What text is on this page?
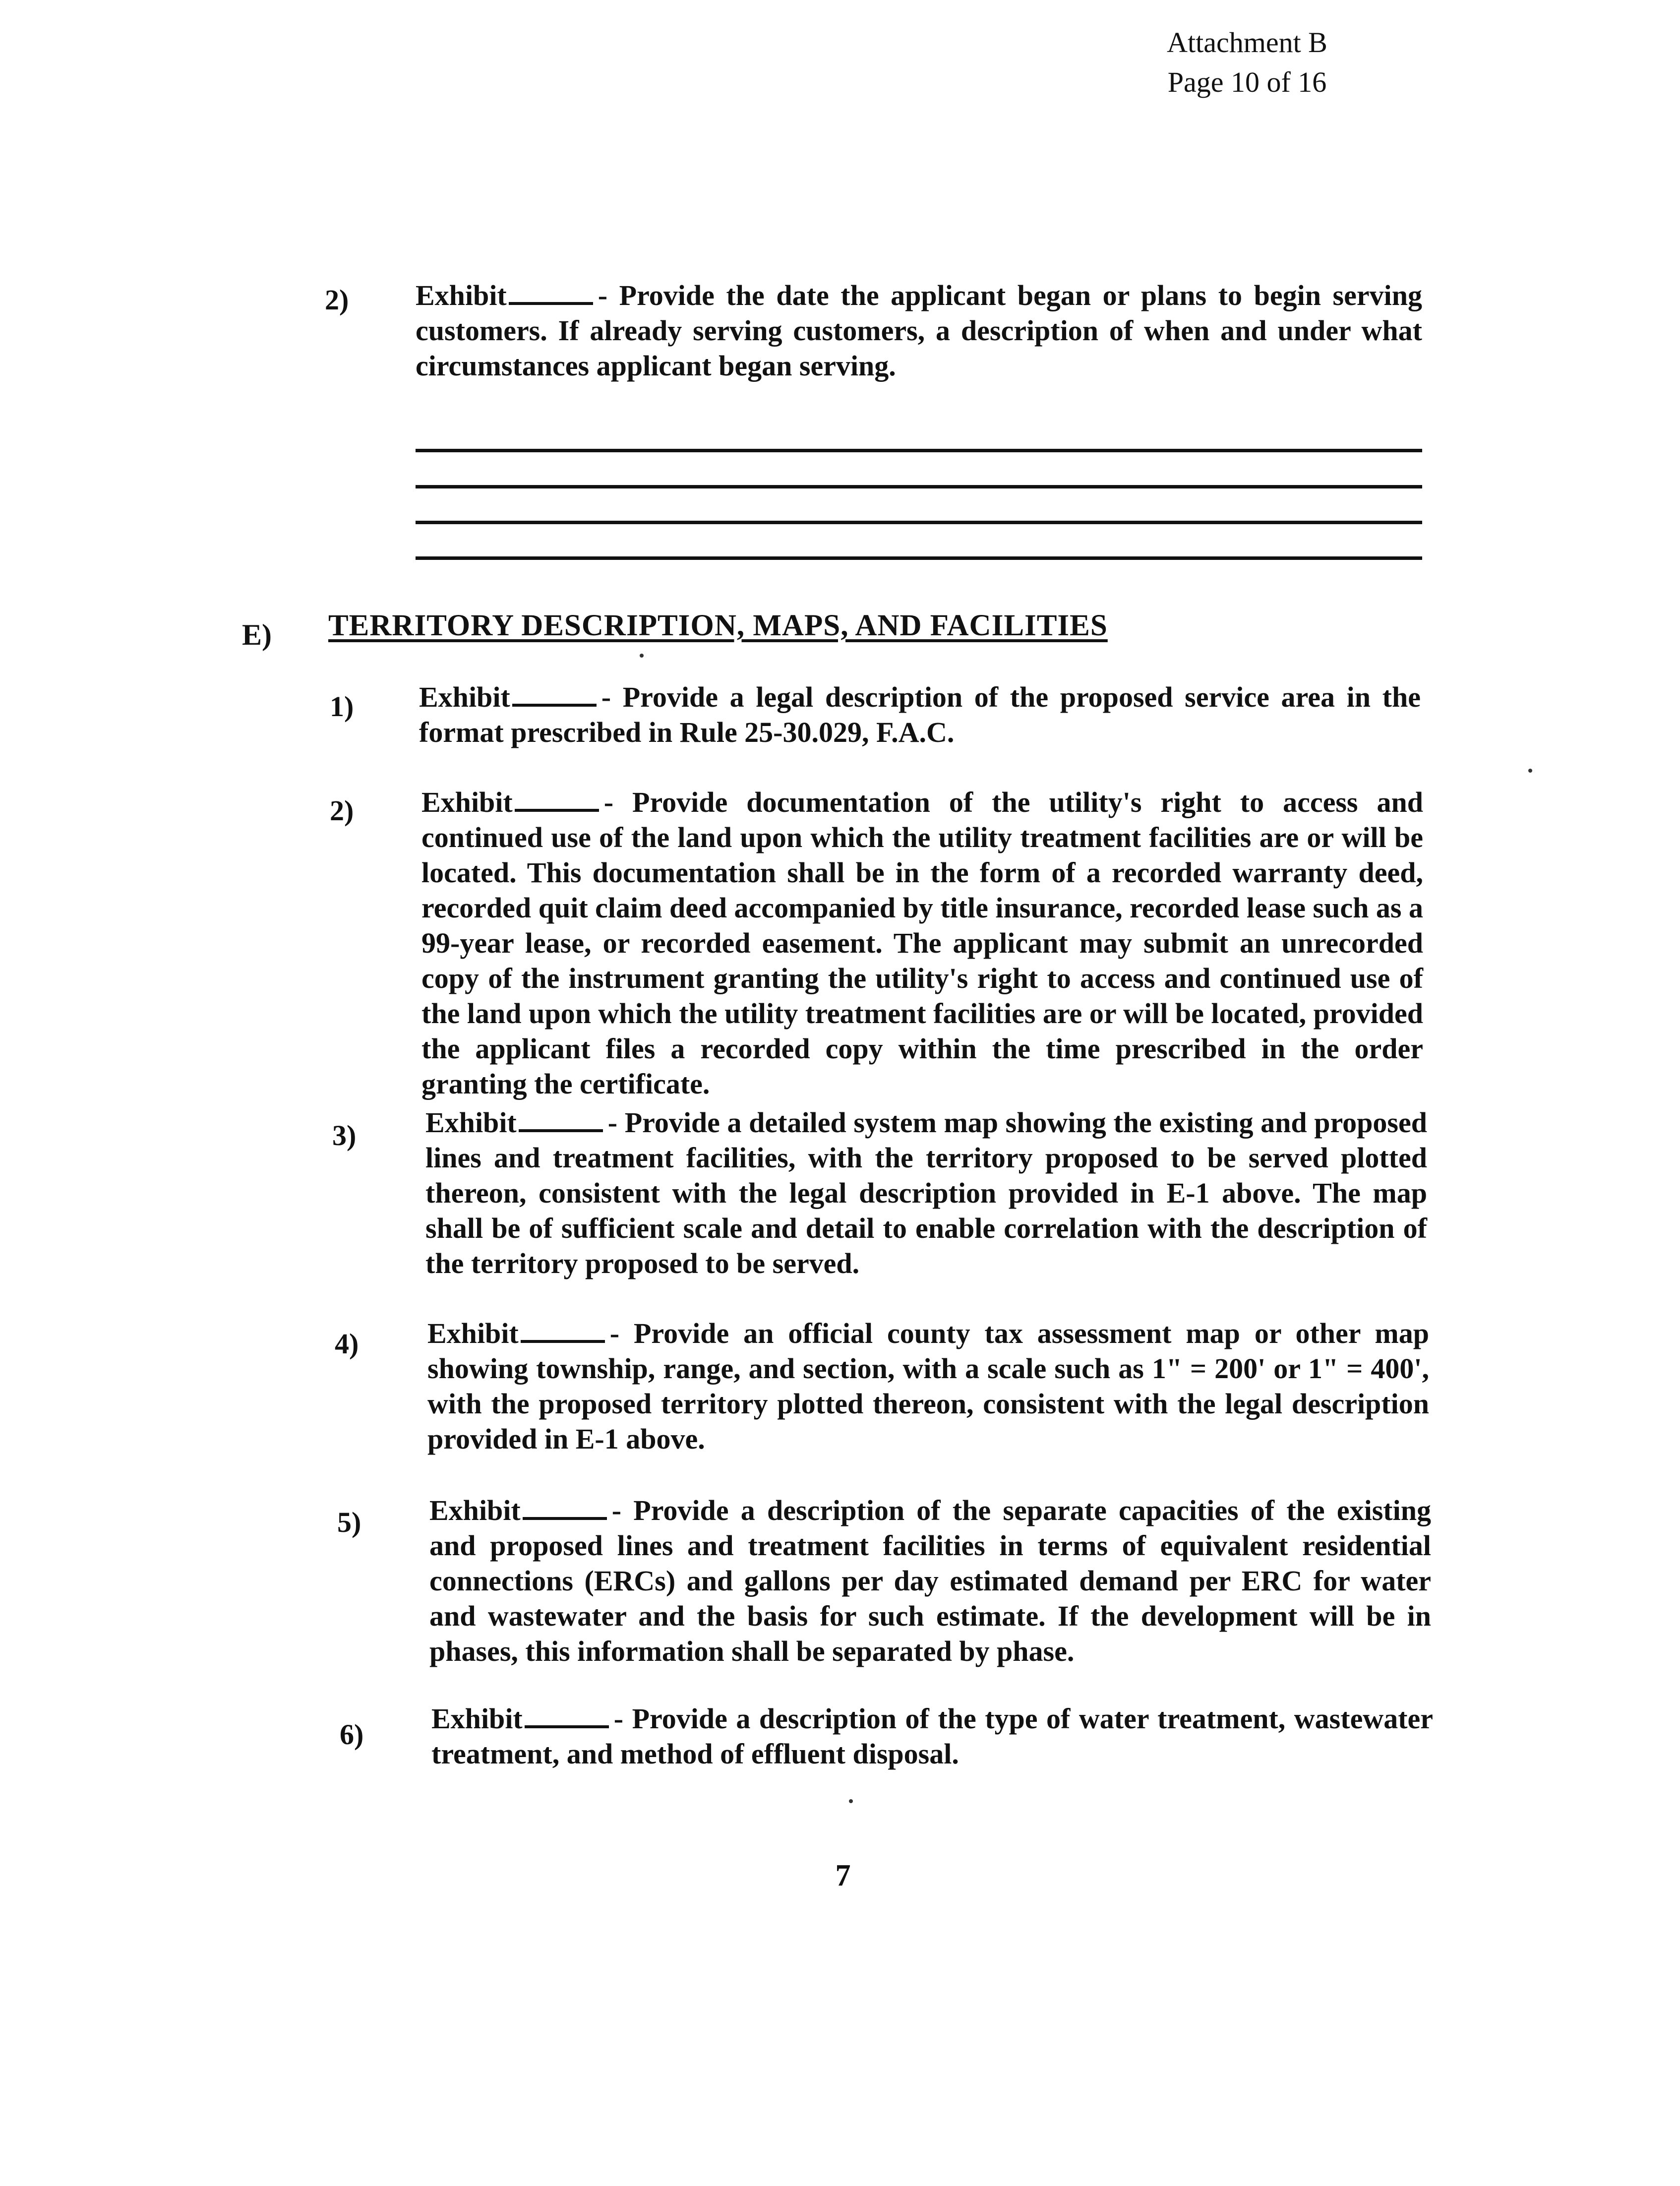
Attachment B
Page 10 of 16
2) Exhibit	- Provide the date the applicant began or plans to begin serving customers. If already serving customers, a description of when and under what circumstances applicant began serving.
E) TERRITORY DESCRIPTION, MAPS, AND FACILITIES
1) Exhibit	- Provide a legal description of the proposed service area in the format prescribed in Rule 25-30.029, F.A.C.
2) Exhibit	- Provide documentation of the utility's right to access and continued use of the land upon which the utility treatment facilities are or will be located. This documentation shall be in the form of a recorded warranty deed, recorded quit claim deed accompanied by title insurance, recorded lease such as a 99-year lease, or recorded easement. The applicant may submit an unrecorded copy of the instrument granting the utility's right to access and continued use of the land upon which the utility treatment facilities are or will be located, provided the applicant files a recorded copy within the time prescribed in the order granting the certificate.
3) Exhibit	- Provide a detailed system map showing the existing and proposed lines and treatment facilities, with the territory proposed to be served plotted thereon, consistent with the legal description provided in E-1 above. The map shall be of sufficient scale and detail to enable correlation with the description of the territory proposed to be served.
4) Exhibit	- Provide an official county tax assessment map or other map showing township, range, and section, with a scale such as 1" = 200' or 1" = 400', with the proposed territory plotted thereon, consistent with the legal description provided in E-1 above.
5) Exhibit	- Provide a description of the separate capacities of the existing and proposed lines and treatment facilities in terms of equivalent residential connections (ERCs) and gallons per day estimated demand per ERC for water and wastewater and the basis for such estimate. If the development will be in phases, this information shall be separated by phase.
6) Exhibit	- Provide a description of the type of water treatment, wastewater treatment, and method of effluent disposal.
7
